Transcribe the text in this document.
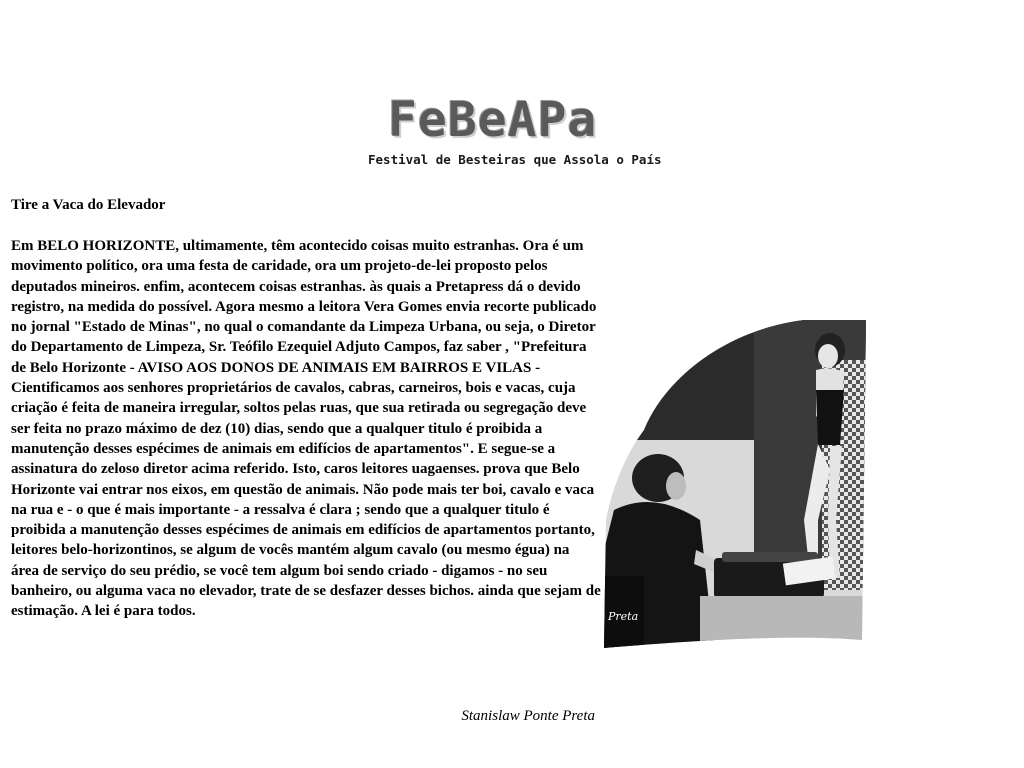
FeBeAPa
Festival de Besteiras que Assola o País
Tire a Vaca do Elevador

Em BELO HORIZONTE, ultimamente, têm acontecido coisas muito estranhas. Ora é um movimento político, ora uma festa de caridade, ora um projeto-de-lei proposto pelos deputados mineiros. enfim, acontecem coisas estranhas. às quais a Pretapress dá o devido registro, na medida do possível. Agora mesmo a leitora Vera Gomes envia recorte publicado no jornal "Estado de Minas", no qual o comandante da Limpeza Urbana, ou seja, o Diretor do Departamento de Limpeza, Sr. Teófilo Ezequiel Adjuto Campos, faz saber , "Prefeitura de Belo Horizonte - AVISO AOS DONOS DE ANIMAIS EM BAIRROS E VILAS - Cientificamos aos senhores proprietários de cavalos, cabras, carneiros, bois e vacas, cuja criação é feita de maneira irregular, soltos pelas ruas, que sua retirada ou segregação deve ser feita no prazo máximo de dez (10) dias, sendo que a qualquer titulo é proibida a manutenção desses espécimes de animais em edifícios de apartamentos". E segue-se a assinatura do zeloso diretor acima referido. Isto, caros leitores uagaenses. prova que Belo Horizonte vai entrar nos eixos, em questão de animais. Não pode mais ter boi, cavalo e vaca na rua e - o que é mais importante - a ressalva é clara ; sendo que a qualquer titulo é proibida a manutenção desses espécimes de animais em edifícios de apartamentos portanto, leitores belo-horizontinos, se algum de vocês mantém algum cavalo (ou mesmo égua) na área de serviço do seu prédio, se você tem algum boi sendo criado - digamos - no seu banheiro, ou alguma vaca no elevador, trate de se desfazer desses bichos. ainda que sejam de estimação. A lei é para todos.

Stanislaw Ponte Preta
Preta
